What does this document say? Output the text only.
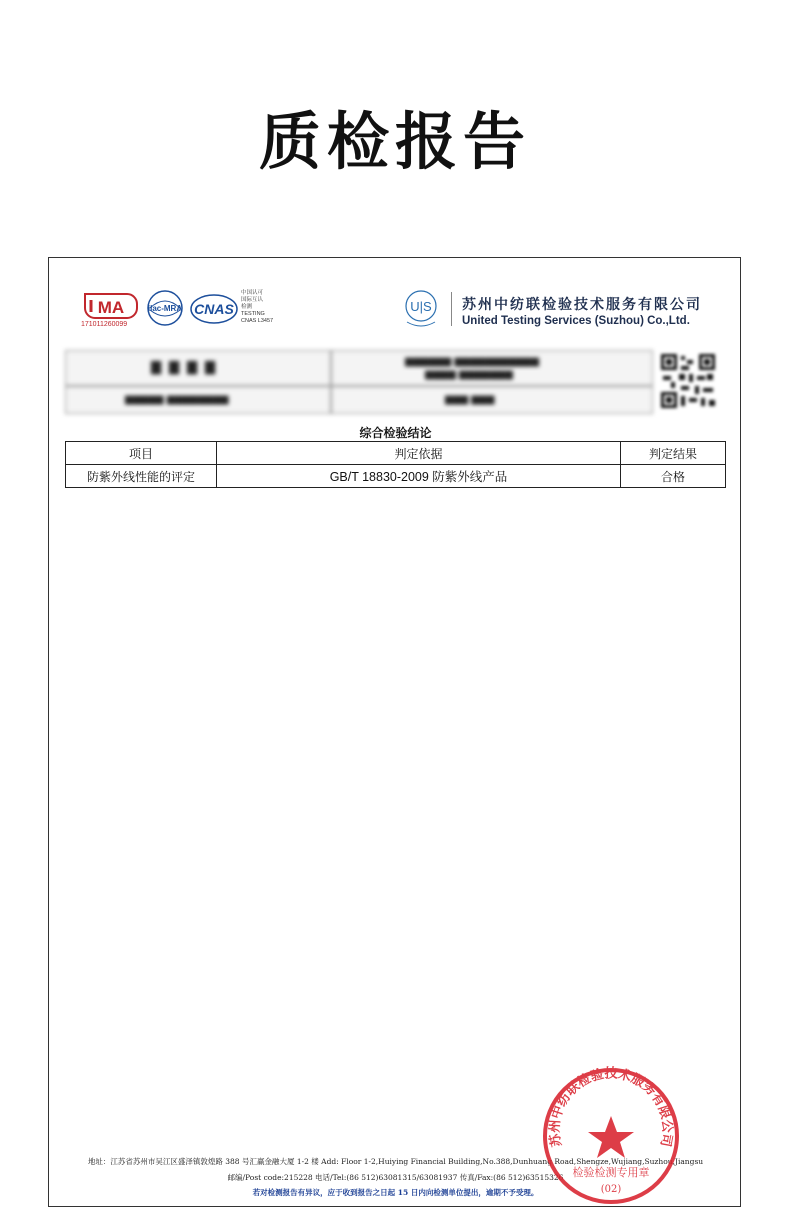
质检报告
MA
171011260099
ilac-MRA CNAS
中国认可
国际互认
检测
TESTING
CNAS L3457
U|S 苏州中纺联检验技术服务有限公司
United Testing Services (Suzhou) Co.,Ltd.
▇▇▇▇	▆▆▆▆▆▆ ▆▆▆▆▆▆▆▆▆▆▆
▆▆▆▆ ▆▆▆▆▆▆▆
▆▆▆▆▆ ▆▆▆▆▆▆▆▆	▆▆▆ ▆▆▆
综合检验结论
项目	判定依据	判定结果
防紫外线性能的评定	GB/T 18830-2009 防紫外线产品	合格
地址：江苏省苏州市吴江区盛泽镇敦煌路 388 号汇赢金融大厦 1-2 楼 Add: Floor 1-2,Huiying Financial Building,No.388,Dunhuang Road,Shengze,Wujiang,Suzhou,Jiangsu
邮编/Post code:215228 电话/Tel:(86 512)63081315/63081937 传真/Fax:(86 512)63515326
若对检测报告有异议，应于收到报告之日起 15 日内向检测单位提出，逾期不予受理。
苏州中纺联检验技术服务有限公司
检验检测专用章
(02)
